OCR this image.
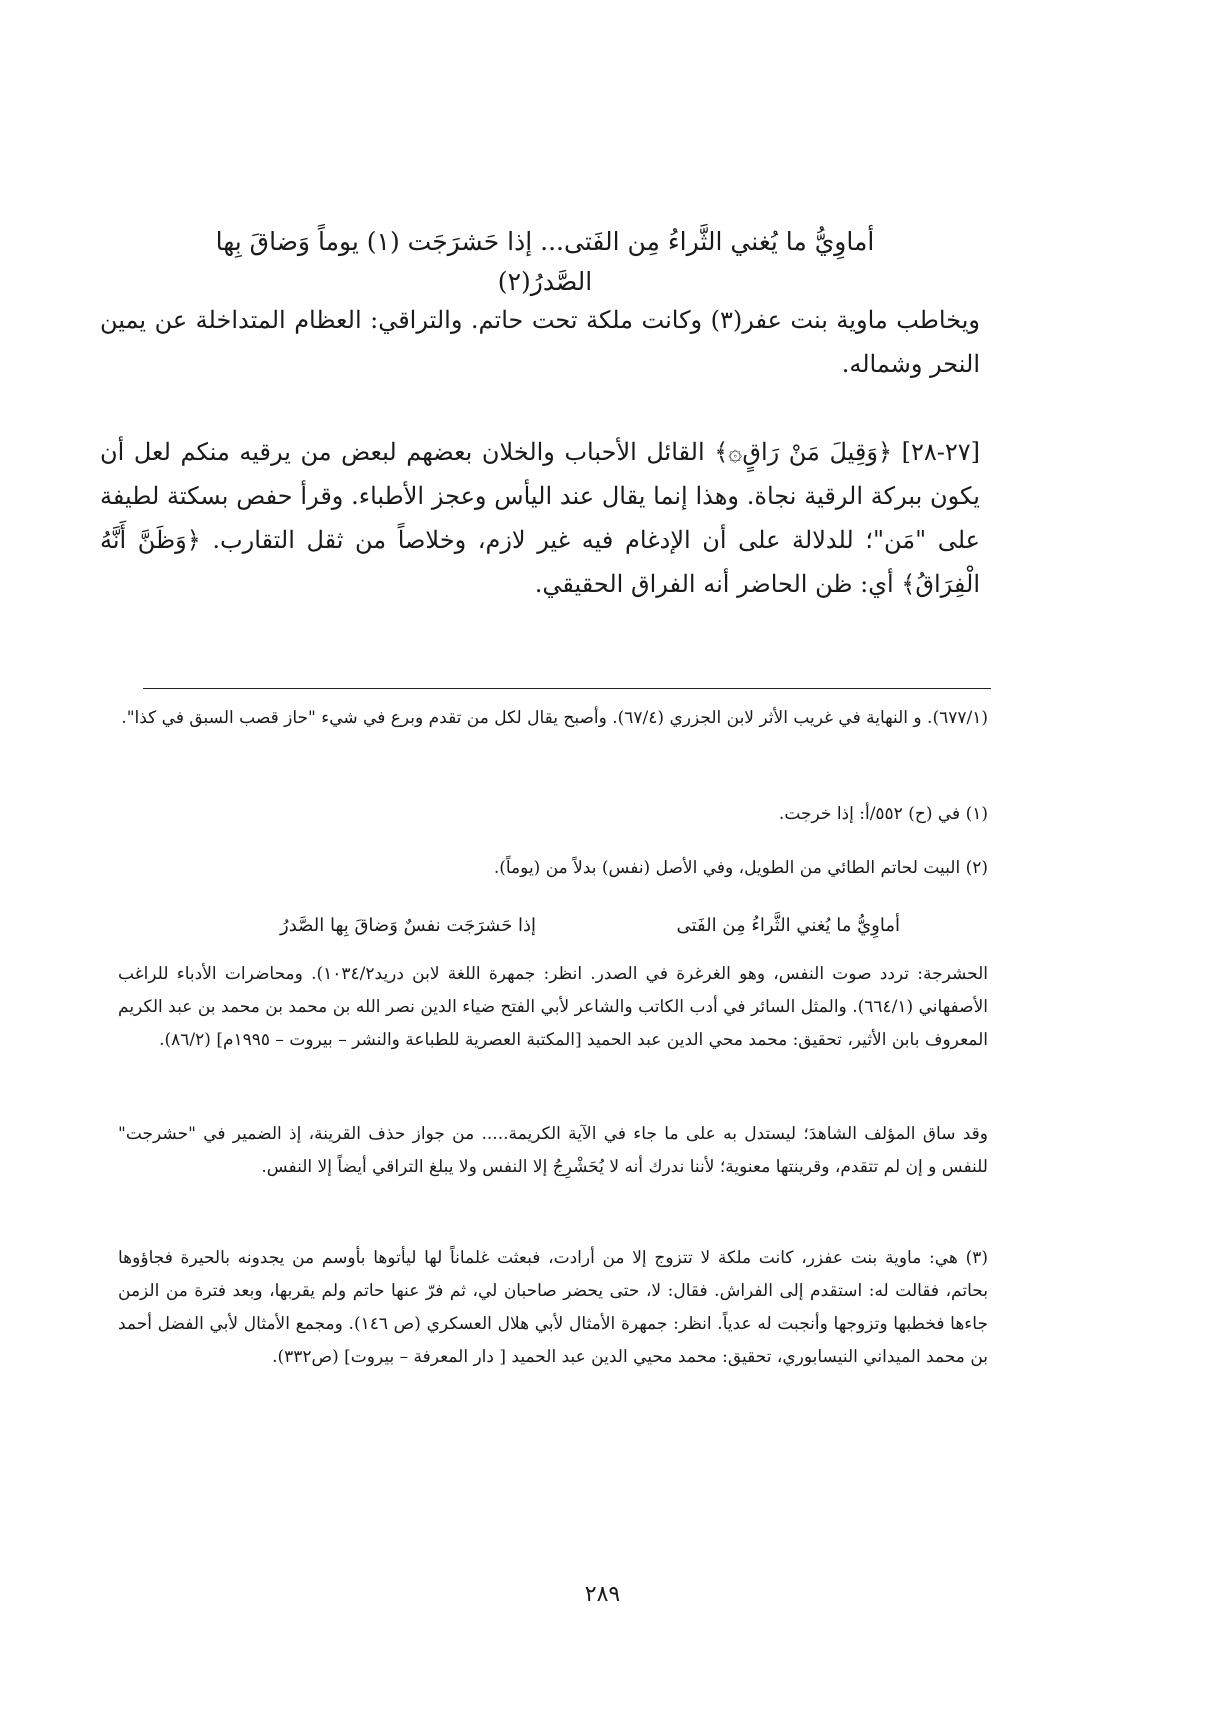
أماوِيُّ ما يُغني الثَّراءُ مِن الفَتى... إذا حَشرَجَت (١) يوماً وَضاقَ بِها الصَّدرُ(٢)
ويخاطب ماوية بنت عفر(٣) وكانت ملكة تحت حاتم. والتراقي: العظام المتداخلة عن يمين النحر وشماله.
[٢٧-٢٨] ﴿وَقِيلَ مَنْ رَاقٍ۞﴾ القائل الأحباب والخلان بعضهم لبعض من يرقيه منكم لعل أن يكون ببركة الرقية نجاة. وهذا إنما يقال عند اليأس وعجز الأطباء. وقرأ حفص بسكتة لطيفة على "مَن"؛ للدلالة على أن الإدغام فيه غير لازم، وخلاصاً من ثقل التقارب. ﴿وَظَنَّ أَنَّهُ الْفِرَاقُ﴾ أي: ظن الحاضر أنه الفراق الحقيقي.
(٦٧٧/١). و النهاية في غريب الأثر لابن الجزري (٦٧/٤). وأصبح يقال لكل من تقدم وبرع في شيء "حاز قصب السبق في كذا".
(١) في (ح) ٥٥٢/أ: إذا خرجت.
(٢) البيت لحاتم الطائي من الطويل، وفي الأصل (نفس) بدلاً من (يوماً).
أماوِيُّ ما يُغني الثَّراءُ مِن الفَتى
إذا حَشرَجَت نفسٌ وَضاقَ بِها الصَّدرُ
الحشرجة: تردد صوت النفس، وهو الغرغرة في الصدر. انظر: جمهرة اللغة لابن دريد١٠٣٤/٢). ومحاضرات الأدباء للراغب الأصفهاني (٦٦٤/١). والمثل السائر في أدب الكاتب والشاعر لأبي الفتح ضياء الدين نصر الله بن محمد بن محمد بن عبد الكريم المعروف بابن الأثير، تحقيق: محمد محي الدين عبد الحميد [المكتبة العصرية للطباعة والنشر – بيروت – ١٩٩٥م] (٨٦/٢).
وقد ساق المؤلف الشاهدَ؛ ليستدل به على ما جاء في الآية الكريمة..... من جواز حذف القرينة، إذ الضمير في "حشرجت" للنفس و إن لم تتقدم، وقرينتها معنوية؛ لأننا ندرك أنه لا يُحَشْرِجُ إلا النفس ولا يبلغ التراقي أيضاً إلا النفس.
(٣) هي: ماوية بنت عفزر، كانت ملكة لا تتزوج إلا من أرادت، فبعثت غلماناً لها ليأتوها بأوسم من يجدونه بالحيرة فجاؤوها بحاتم، فقالت له: استقدم إلى الفراش. فقال: لا، حتى يحضر صاحبان لي، ثم فرّ عنها حاتم ولم يقربها، وبعد فترة من الزمن جاءها فخطبها وتزوجها وأنجبت له عدياً. انظر: جمهرة الأمثال لأبي هلال العسكري (ص ١٤٦). ومجمع الأمثال لأبي الفضل أحمد بن محمد الميداني النيسابوري، تحقيق: محمد محيي الدين عبد الحميد [ دار المعرفة – بيروت] (ص٣٣٢).
٢٨٩
